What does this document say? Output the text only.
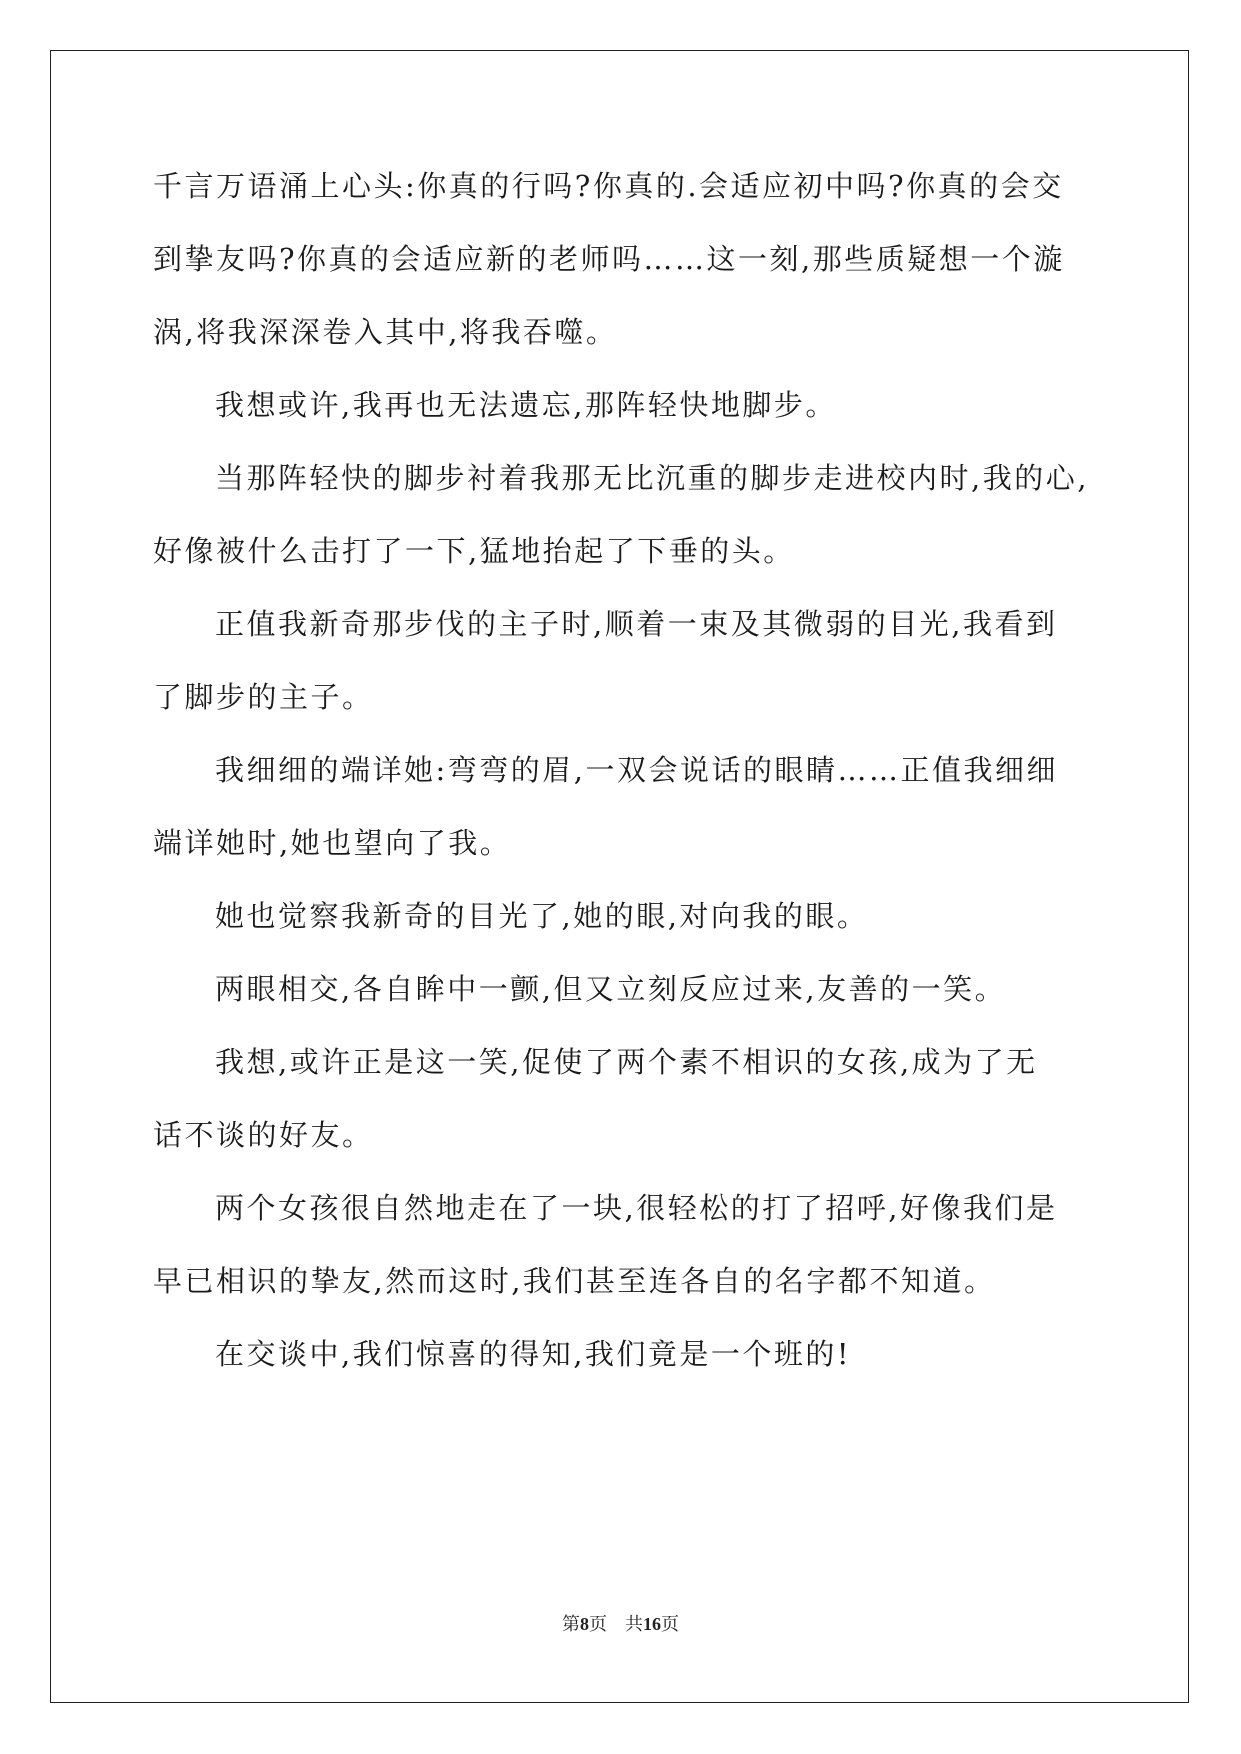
千言万语涌上心头:你真的行吗?你真的.会适应初中吗?你真的会交
到挚友吗?你真的会适应新的老师吗……这一刻,那些质疑想一个漩
涡,将我深深卷入其中,将我吞噬。
我想或许,我再也无法遗忘,那阵轻快地脚步。
当那阵轻快的脚步衬着我那无比沉重的脚步走进校内时,我的心,
好像被什么击打了一下,猛地抬起了下垂的头。
正值我新奇那步伐的主子时,顺着一束及其微弱的目光,我看到
了脚步的主子。
我细细的端详她:弯弯的眉,一双会说话的眼睛……正值我细细
端详她时,她也望向了我。
她也觉察我新奇的目光了,她的眼,对向我的眼。
两眼相交,各自眸中一颤,但又立刻反应过来,友善的一笑。
我想,或许正是这一笑,促使了两个素不相识的女孩,成为了无
话不谈的好友。
两个女孩很自然地走在了一块,很轻松的打了招呼,好像我们是
早已相识的挚友,然而这时,我们甚至连各自的名字都不知道。
在交谈中,我们惊喜的得知,我们竟是一个班的!
第8页 共16页
